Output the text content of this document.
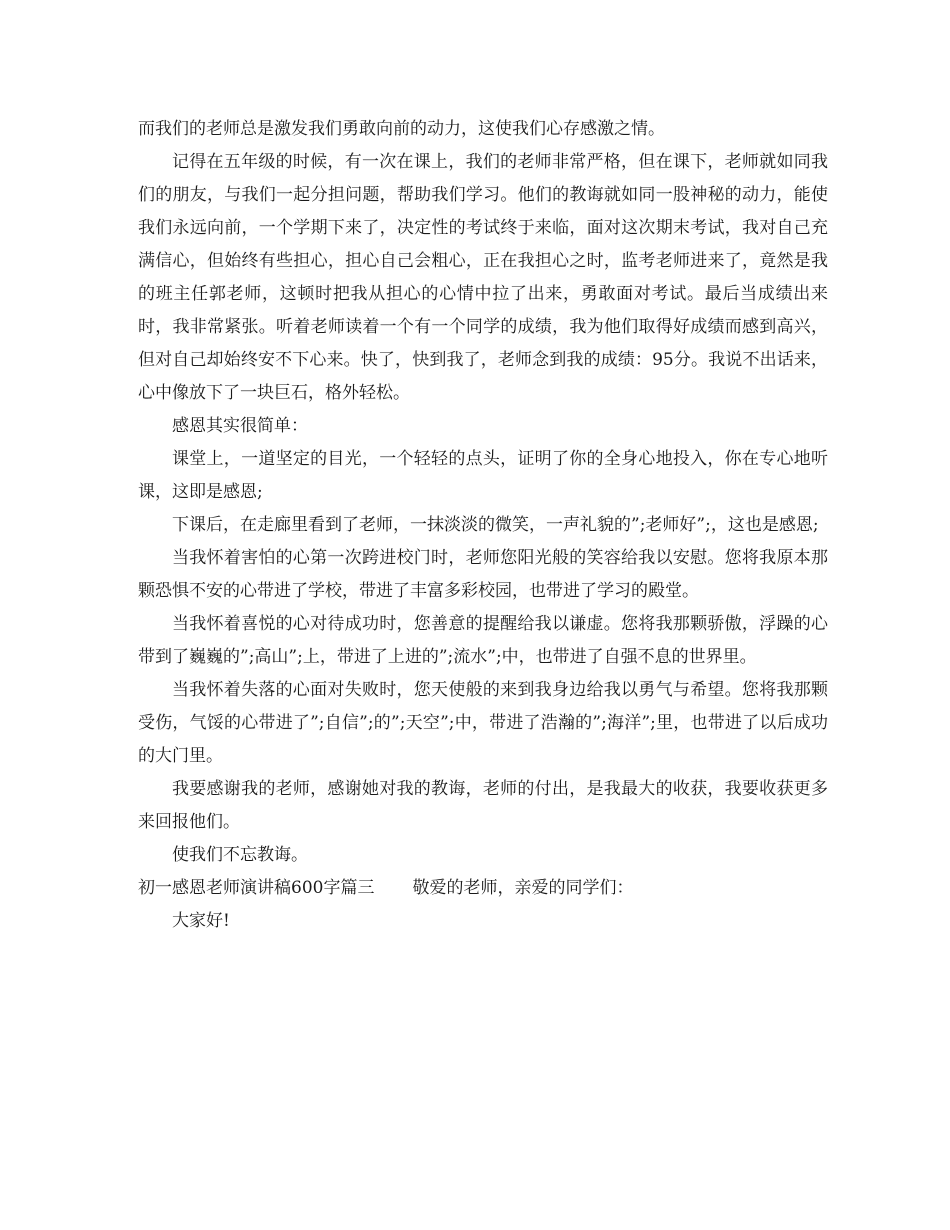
而我们的老师总是激发我们勇敢向前的动力，这使我们心存感激之情。

记得在五年级的时候，有一次在课上，我们的老师非常严格，但在课下，老师就如同我们的朋友，与我们一起分担问题，帮助我们学习。他们的教诲就如同一股神秘的动力，能使我们永远向前，一个学期下来了，决定性的考试终于来临，面对这次期末考试，我对自己充满信心，但始终有些担心，担心自己会粗心，正在我担心之时，监考老师进来了，竟然是我的班主任郭老师，这顿时把我从担心的心情中拉了出来，勇敢面对考试。最后当成绩出来时，我非常紧张。听着老师读着一个有一个同学的成绩，我为他们取得好成绩而感到高兴，但对自己却始终安不下心来。快了，快到我了，老师念到我的成绩：95分。我说不出话来，心中像放下了一块巨石，格外轻松。

感恩其实很简单：

课堂上，一道坚定的目光，一个轻轻的点头，证明了你的全身心地投入，你在专心地听课，这即是感恩;

下课后，在走廊里看到了老师，一抹淡淡的微笑，一声礼貌的”;老师好”;，这也是感恩;

当我怀着害怕的心第一次跨进校门时，老师您阳光般的笑容给我以安慰。您将我原本那颗恐惧不安的心带进了学校，带进了丰富多彩校园，也带进了学习的殿堂。

当我怀着喜悦的心对待成功时，您善意的提醒给我以谦虚。您将我那颗骄傲，浮躁的心带到了巍巍的”;高山”;上，带进了上进的”;流水”;中，也带进了自强不息的世界里。

当我怀着失落的心面对失败时，您天使般的来到我身边给我以勇气与希望。您将我那颗受伤，气馁的心带进了”;自信”;的”;天空”;中，带进了浩瀚的”;海洋”;里，也带进了以后成功的大门里。

我要感谢我的老师，感谢她对我的教诲，老师的付出，是我最大的收获，我要收获更多来回报他们。

使我们不忘教诲。

初一感恩老师演讲稿600字篇三 敬爱的老师，亲爱的同学们：

大家好!
